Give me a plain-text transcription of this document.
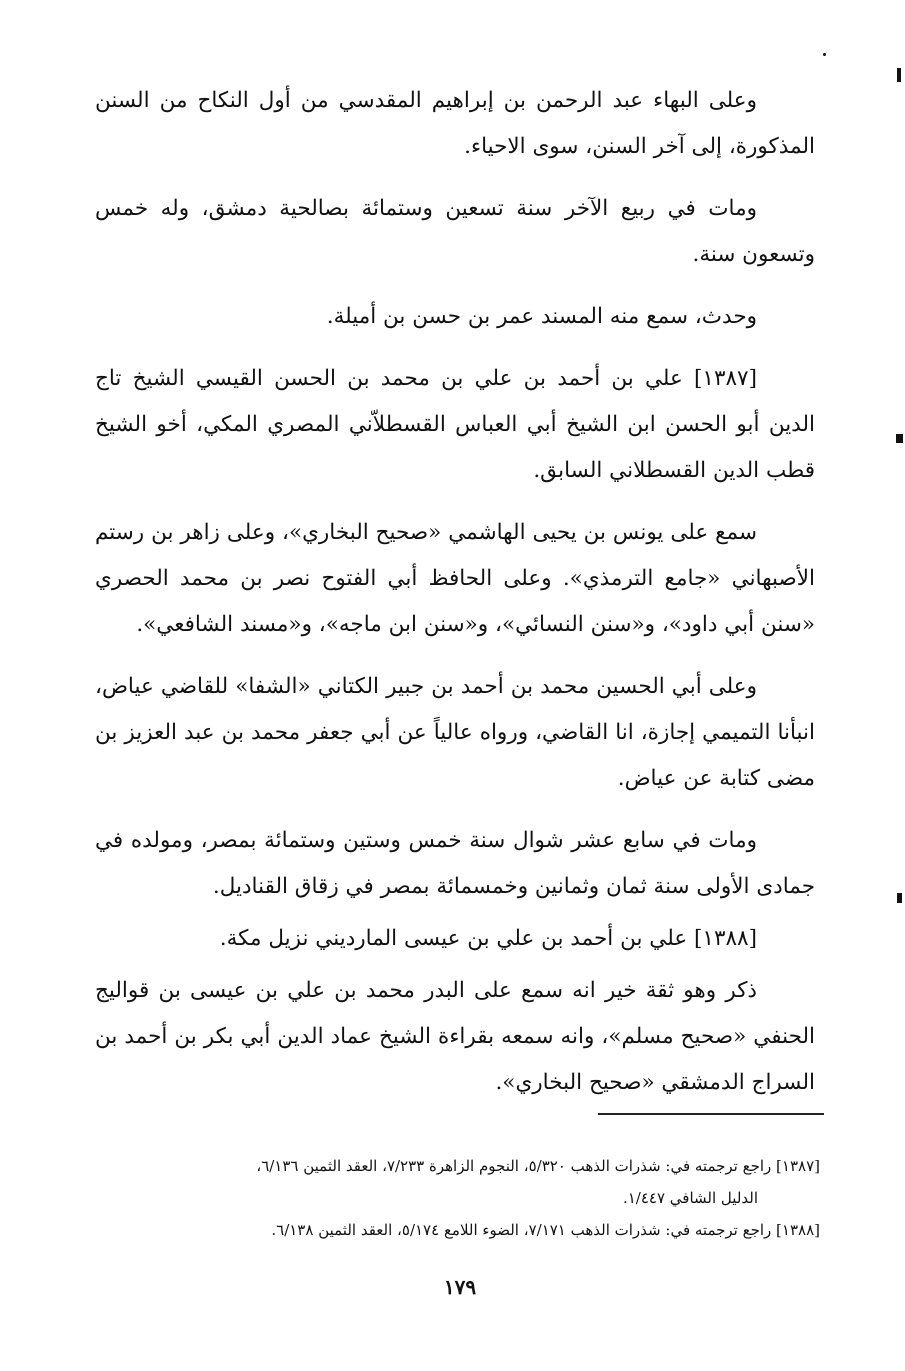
وعلى البهاء عبد الرحمن بن إبراهيم المقدسي من أول النكاح من السنن المذكورة، إلى آخر السنن، سوى الاحياء.

ومات في ربيع الآخر سنة تسعين وستمائة بصالحية دمشق، وله خمس وتسعون سنة.

وحدث، سمع منه المسند عمر بن حسن بن أميلة.

[١٣٨٧] علي بن أحمد بن علي بن محمد بن الحسن القيسي الشيخ تاج الدين أبو الحسن ابن الشيخ أبي العباس القسطلاّني المصري المكي، أخو الشيخ قطب الدين القسطلاني السابق.

سمع على يونس بن يحيى الهاشمي «صحيح البخاري»، وعلى زاهر بن رستم الأصبهاني «جامع الترمذي». وعلى الحافظ أبي الفتوح نصر بن محمد الحصري «سنن أبي داود»، و«سنن النسائي»، و«سنن ابن ماجه»، و«مسند الشافعي».

وعلى أبي الحسين محمد بن أحمد بن جبير الكتاني «الشفا» للقاضي عياض، انبأنا التميمي إجازة، انا القاضي، ورواه عالياً عن أبي جعفر محمد بن عبد العزيز بن مضى كتابة عن عياض.

ومات في سابع عشر شوال سنة خمس وستين وستمائة بمصر، ومولده في جمادى الأولى سنة ثمان وثمانين وخمسمائة بمصر في زقاق القناديل.

[١٣٨٨] علي بن أحمد بن علي بن عيسى المارديني نزيل مكة.

ذكر وهو ثقة خير انه سمع على البدر محمد بن علي بن عيسى بن قواليج الحنفي «صحيح مسلم»، وانه سمعه بقراءة الشيخ عماد الدين أبي بكر بن أحمد بن السراج الدمشقي «صحيح البخاري».

[١٣٨٧] راجع ترجمته في: شذرات الذهب ٥/٣٢٠، النجوم الزاهرة ٧/٢٣٣، العقد الثمين ٦/١٣٦،

الدليل الشافي ١/٤٤٧.

[١٣٨٨] راجع ترجمته في: شذرات الذهب ٧/١٧١، الضوء اللامع ٥/١٧٤، العقد الثمين ٦/١٣٨.

١٧٩
